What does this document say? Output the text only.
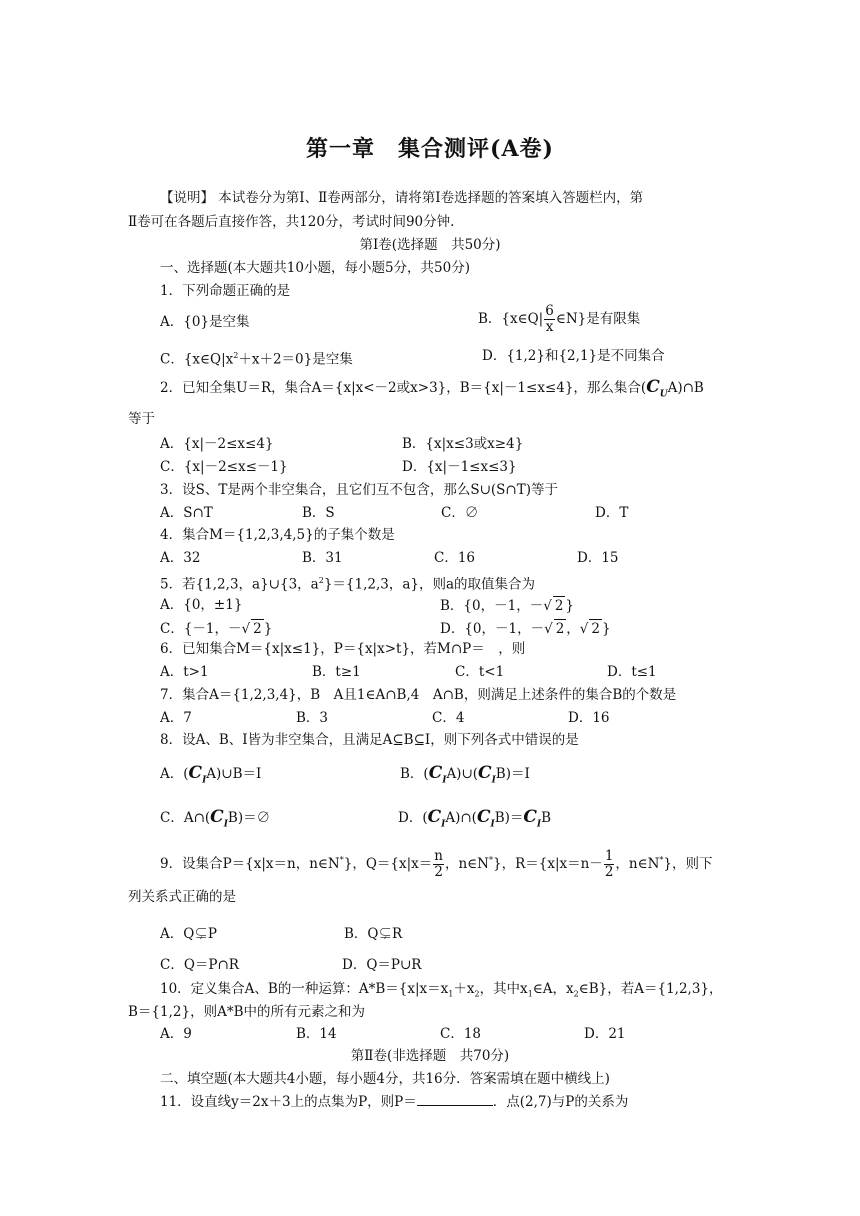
第一章　集合测评(A卷)
【说明】 本试卷分为第Ⅰ、Ⅱ卷两部分，请将第Ⅰ卷选择题的答案填入答题栏内，第
Ⅱ卷可在各题后直接作答，共120分，考试时间90分钟.
第Ⅰ卷(选择题　共50分)
一、选择题(本大题共10小题，每小题5分，共50分)
1．下列命题正确的是
A．{0}是空集	B．{x∈Q| $\frac{6}{x}$ ∈N}是有限集
C．$\{x\in Q|x^2+x+2=0\}$是空集	D．{1,2}和{2,1}是不同集合
2．已知全集U＝R，集合A＝{x|x<－2或x>3}，B＝{x|－1≤x≤4}，那么集合$(C_UA)\cap B$
等于
A．{x|－2≤x≤4}	B．{x|x≤3或x≥4}
C．{x|－2≤x≤－1}	D．{x|－1≤x≤3}
3．设S、T是两个非空集合，且它们互不包含，那么S∪(S∩T)等于
A．S∩T	B．S	C．∅	D．T
4．集合M＝{1,2,3,4,5}的子集个数是
A．32	B．31	C．16	D．15
5．若{1,2,3，a}∪{3，$a^2\}=\{1,2,3$，a}，则a的取值集合为
A．{0，±1}	B．{0，－1，－√ 2 }
C．{－1，－√ 2 }	D．{0，－1，－√ 2 ，√ 2 }
6．已知集合M＝{x|x≤1}，P＝{x|x>t}，若M∩P＝　，则
A．t>1	B．t≥1	C．t<1	D．t≤1
7．集合A＝{1,2,3,4}，B　A且1∈A∩B,4　A∩B，则满足上述条件的集合B的个数是
A．7	B．3	C．4	D．16
8．设A、B、I皆为非空集合，且满足A⊆B⊆I，则下列各式中错误的是
A．$(C_IA)\cup B=I$	B．$(C_IA)\cup(C_IB)=I$
C．$A\cap(C_IB)=\emptyset$	D．$(C_IA)\cap(C_IB)=C_IB$
9．设集合P＝{x|x＝n，n∈N*}，$Q=\{x|x= \frac{n}{2}$ ，n∈N*}，$R=\{x|x=n- \frac{1}{2}$ ，n∈N*}，则下
列关系式正确的是
A．Q⊊P	B．Q⊊R
C．Q＝P∩R	D．Q＝P∪R
10．定义集合A、B的一种运算：$A*B=\{x|x=x_1+x_2$，其中$x_1\in A$，$x_2\in B$}，若A＝{1,2,3}，
B＝{1,2}，则A*B中的所有元素之和为
A．9	B．14	C．18	D．21
第Ⅱ卷(非选择题　共70分)
二、填空题(本大题共4小题，每小题4分，共16分．答案需填在题中横线上)
11．设直线y＝2x＋3上的点集为P，则P＝	．点(2,7)与P的关系为
